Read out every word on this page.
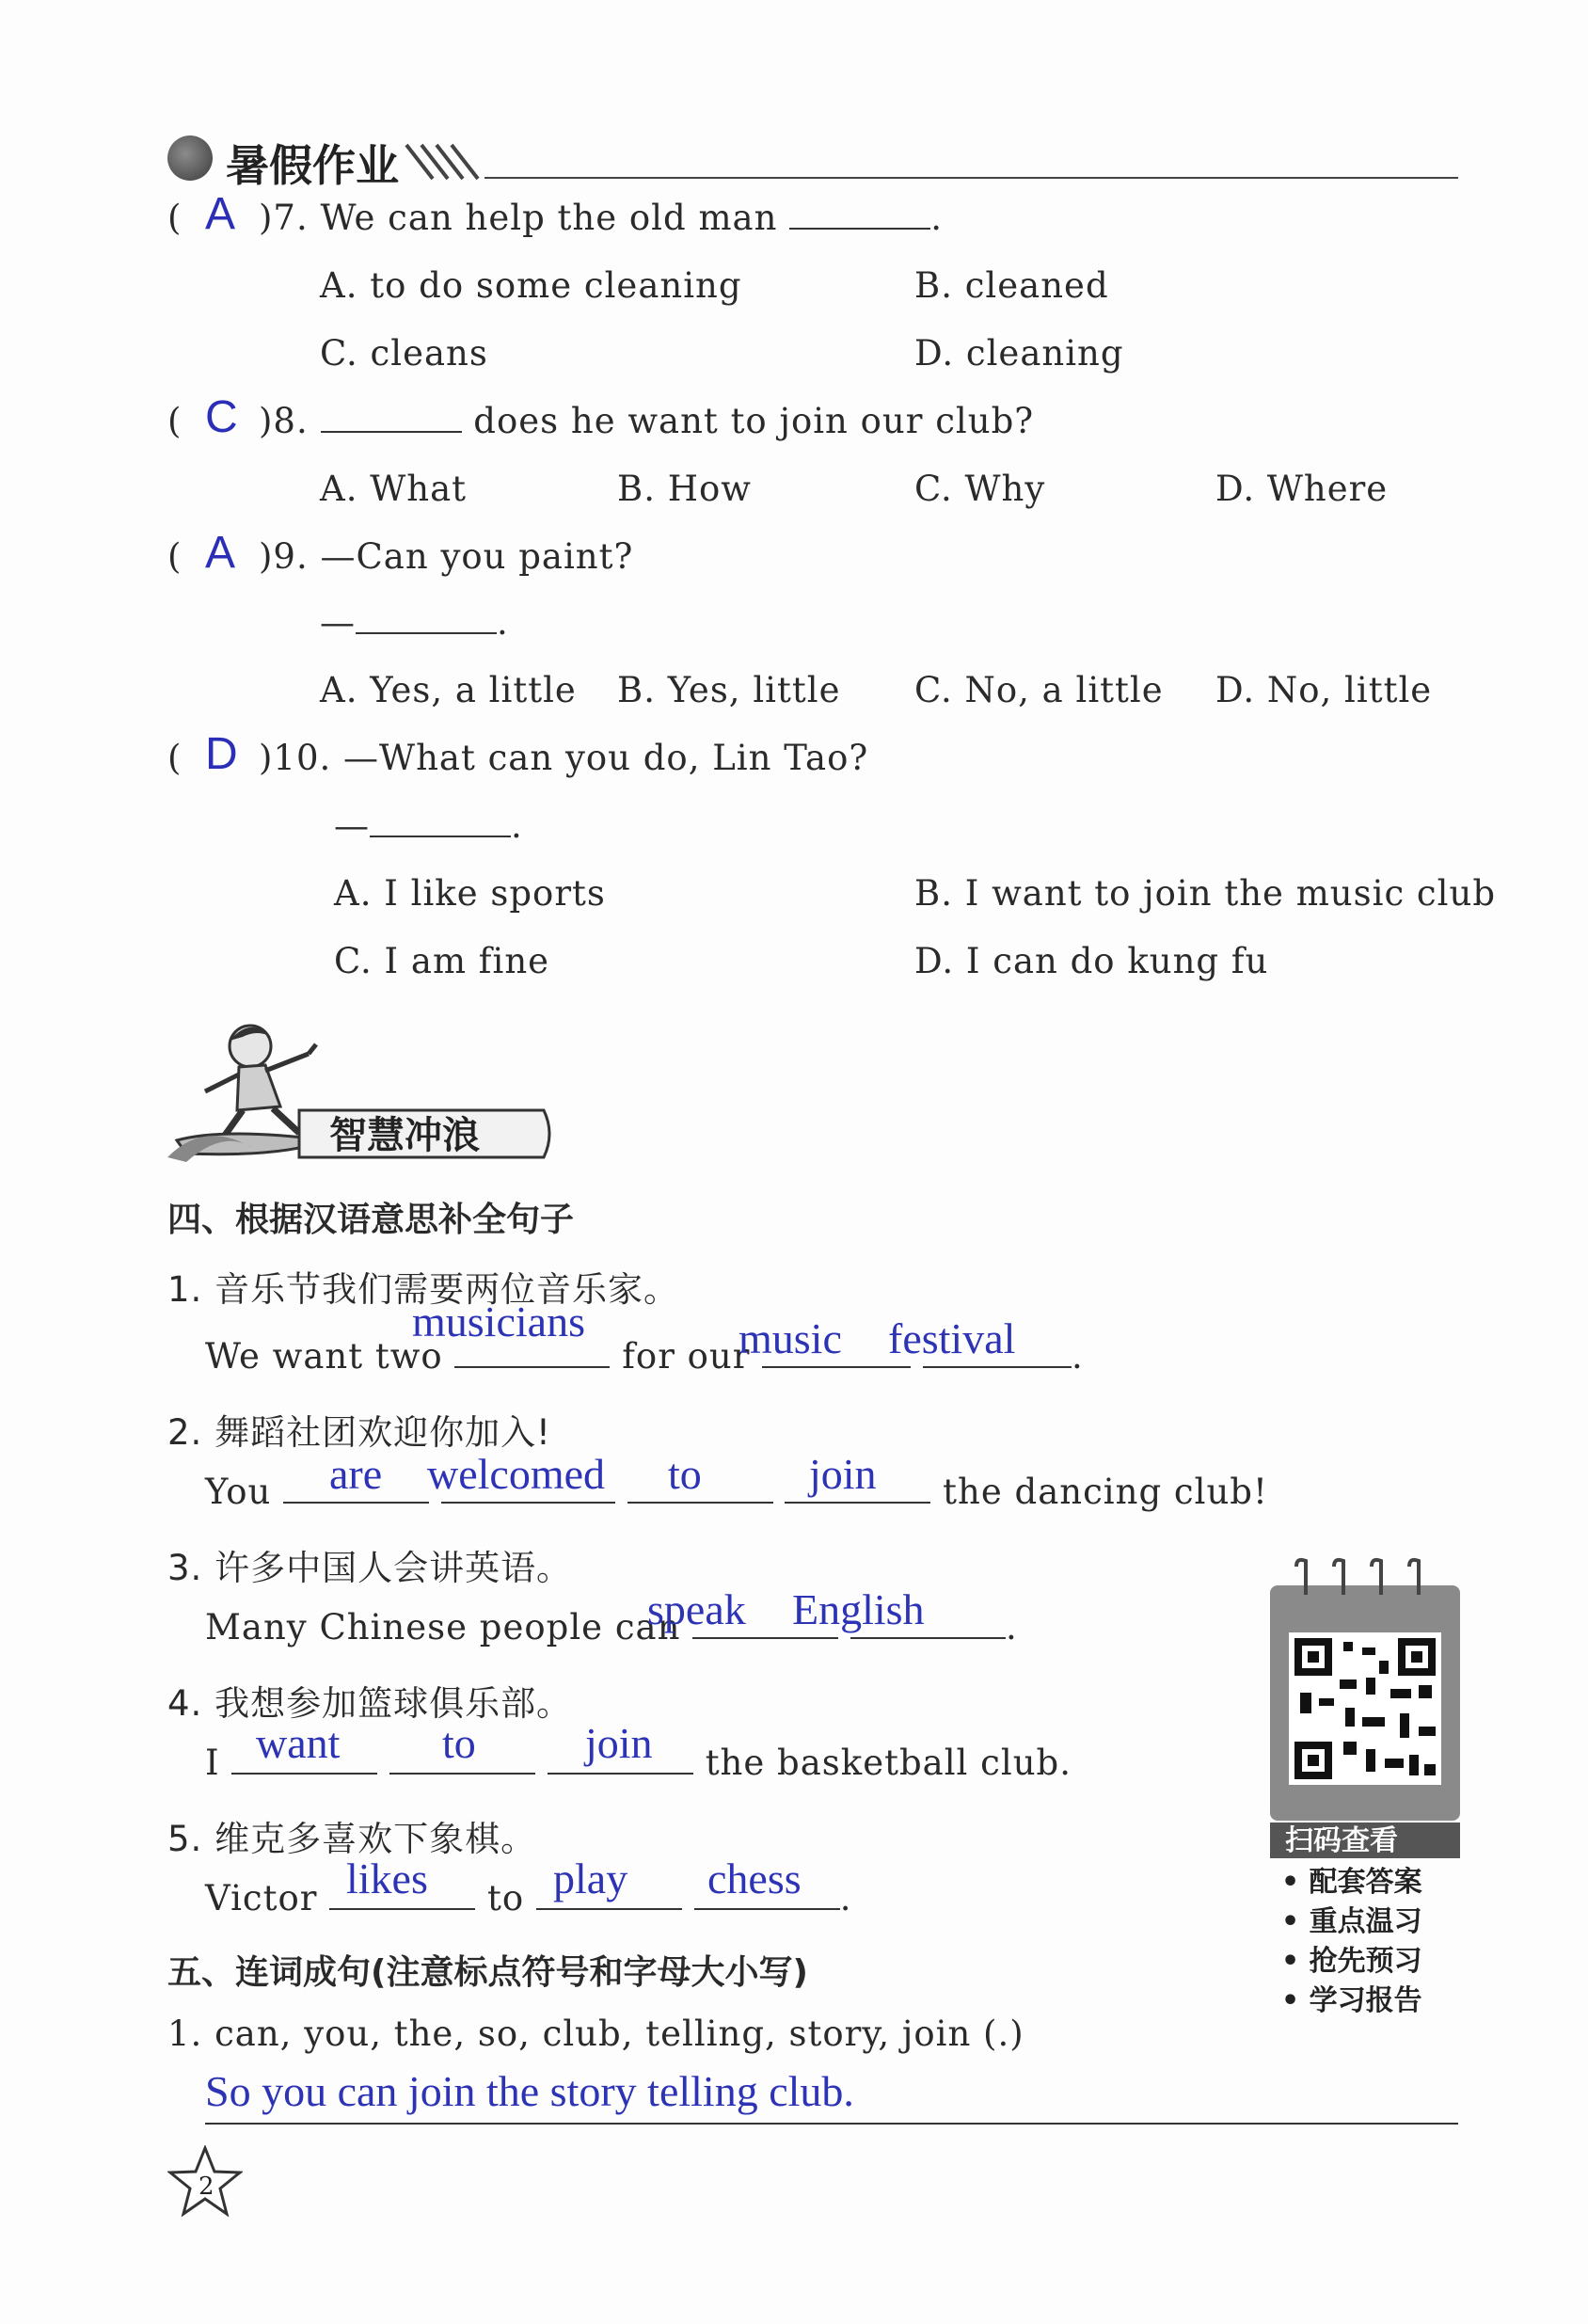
暑假作业
( A )7. We can help the old man	.
A. to do some cleaning	B. cleaned
C. cleans	D. cleaning
( C )8.	does he want to join our club?
A. What	B. How	C. Why	D. Where
( A )9. —Can you paint?
—	.
A. Yes, a little B. Yes, little C. No, a little D. No, little
( D )10. —What can you do, Lin Tao?
—	.
A. I like sports	B. I want to join the music club
C. I am fine	D. I can do kung fu
智慧冲浪
四、根据汉语意思补全句子
1. 音乐节我们需要两位音乐家。
musicians
We want two	for our	.
music festival
2. 舞蹈社团欢迎你加入!
You	the dancing club!
are welcomed to join
3. 许多中国人会讲英语。
Many Chinese people can	.
speak English
4. 我想参加篮球俱乐部。
I	the basketball club.
want to	join
5. 维克多喜欢下象棋。
Victor	to	.
likes	play chess
五、连词成句(注意标点符号和字母大小写)
1. can, you, the, so, club, telling, story, join (.)
So you can join the story telling club.
扫码查看
• 配套答案
• 重点温习
• 抢先预习
• 学习报告
2
